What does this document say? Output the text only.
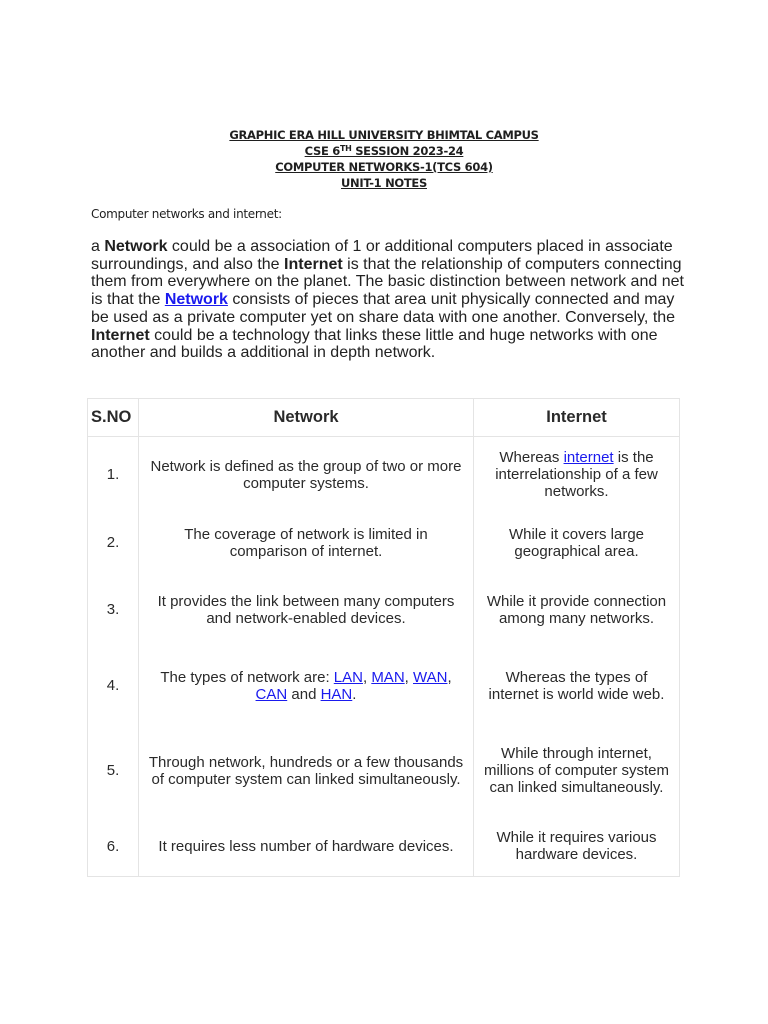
GRAPHIC ERA HILL UNIVERSITY BHIMTAL CAMPUS
CSE 6TH SESSION 2023-24
COMPUTER NETWORKS-1(TCS 604)
UNIT-1 NOTES
Computer networks and internet:

a Network could be a association of 1 or additional computers placed in associate surroundings, and also the Internet is that the relationship of computers connecting them from everywhere on the planet. The basic distinction between network and net is that the Network consists of pieces that area unit physically connected and may be used as a private computer yet on share data with one another. Conversely, the Internet could be a technology that links these little and huge networks with one another and builds a additional in depth network.

S.NO	Network	Internet
1.	Network is defined as the group of two or more computer systems.	Whereas internet is the interrelationship of a few networks.
2.	The coverage of network is limited in comparison of internet.	While it covers large geographical area.
3.	It provides the link between many computers and network-enabled devices.	While it provide connection among many networks.
4.	The types of network are: LAN, MAN, WAN, CAN and HAN.	Whereas the types of internet is world wide web.
5.	Through network, hundreds or a few thousands of computer system can linked simultaneously.	While through internet, millions of computer system can linked simultaneously.
6.	It requires less number of hardware devices.	While it requires various hardware devices.
